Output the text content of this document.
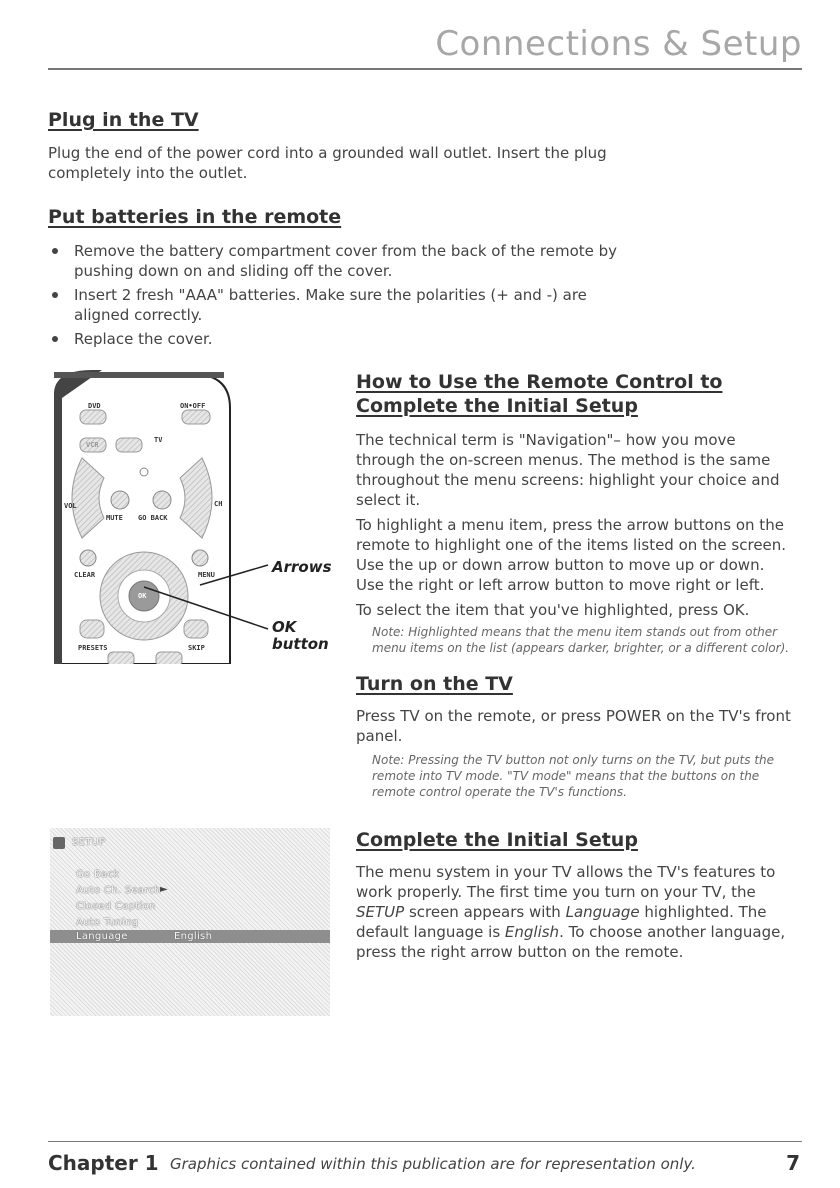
Connections & Setup
Plug in the TV

Plug the end of the power cord into a grounded wall outlet. Insert the plug completely into the outlet.

Put batteries in the remote
Remove the battery compartment cover from the back of the remote by pushing down on and sliding off the cover.
Insert 2 fresh "AAA" batteries. Make sure the polarities (+ and -) are aligned correctly.
Replace the cover.
DVD	ON•OFF
VCR
TV
VOL	CH
MUTE GO BACK
CLEAR	MENU
OK
PRESETS	SKIP
Arrows
OK
button
How to Use the Remote Control to Complete the Initial Setup

The technical term is "Navigation"– how you move through the on-screen menus. The method is the same throughout the menu screens: highlight your choice and select it.

To highlight a menu item, press the arrow buttons on the remote to highlight one of the items listed on the screen. Use the up or down arrow button to move up or down. Use the right or left arrow button to move right or left.

To select the item that you've highlighted, press OK.

Note: Highlighted means that the menu item stands out from other menu items on the list (appears darker, brighter, or a different color).

Turn on the TV

Press TV on the remote, or press POWER on the TV's front panel.

Note: Pressing the TV button not only turns on the TV, but puts the remote into TV mode. "TV mode" means that the buttons on the remote control operate the TV's functions.

SETUP
Go Back
Auto Ch. Search ►
Closed Caption
Auto Tuning
Language	English
Complete the Initial Setup

The menu system in your TV allows the TV's features to work properly. The first time you turn on your TV, the SETUP screen appears with Language highlighted. The default language is English. To choose another language, press the right arrow button on the remote.

Chapter 1 Graphics contained within this publication are for representation only.	7
